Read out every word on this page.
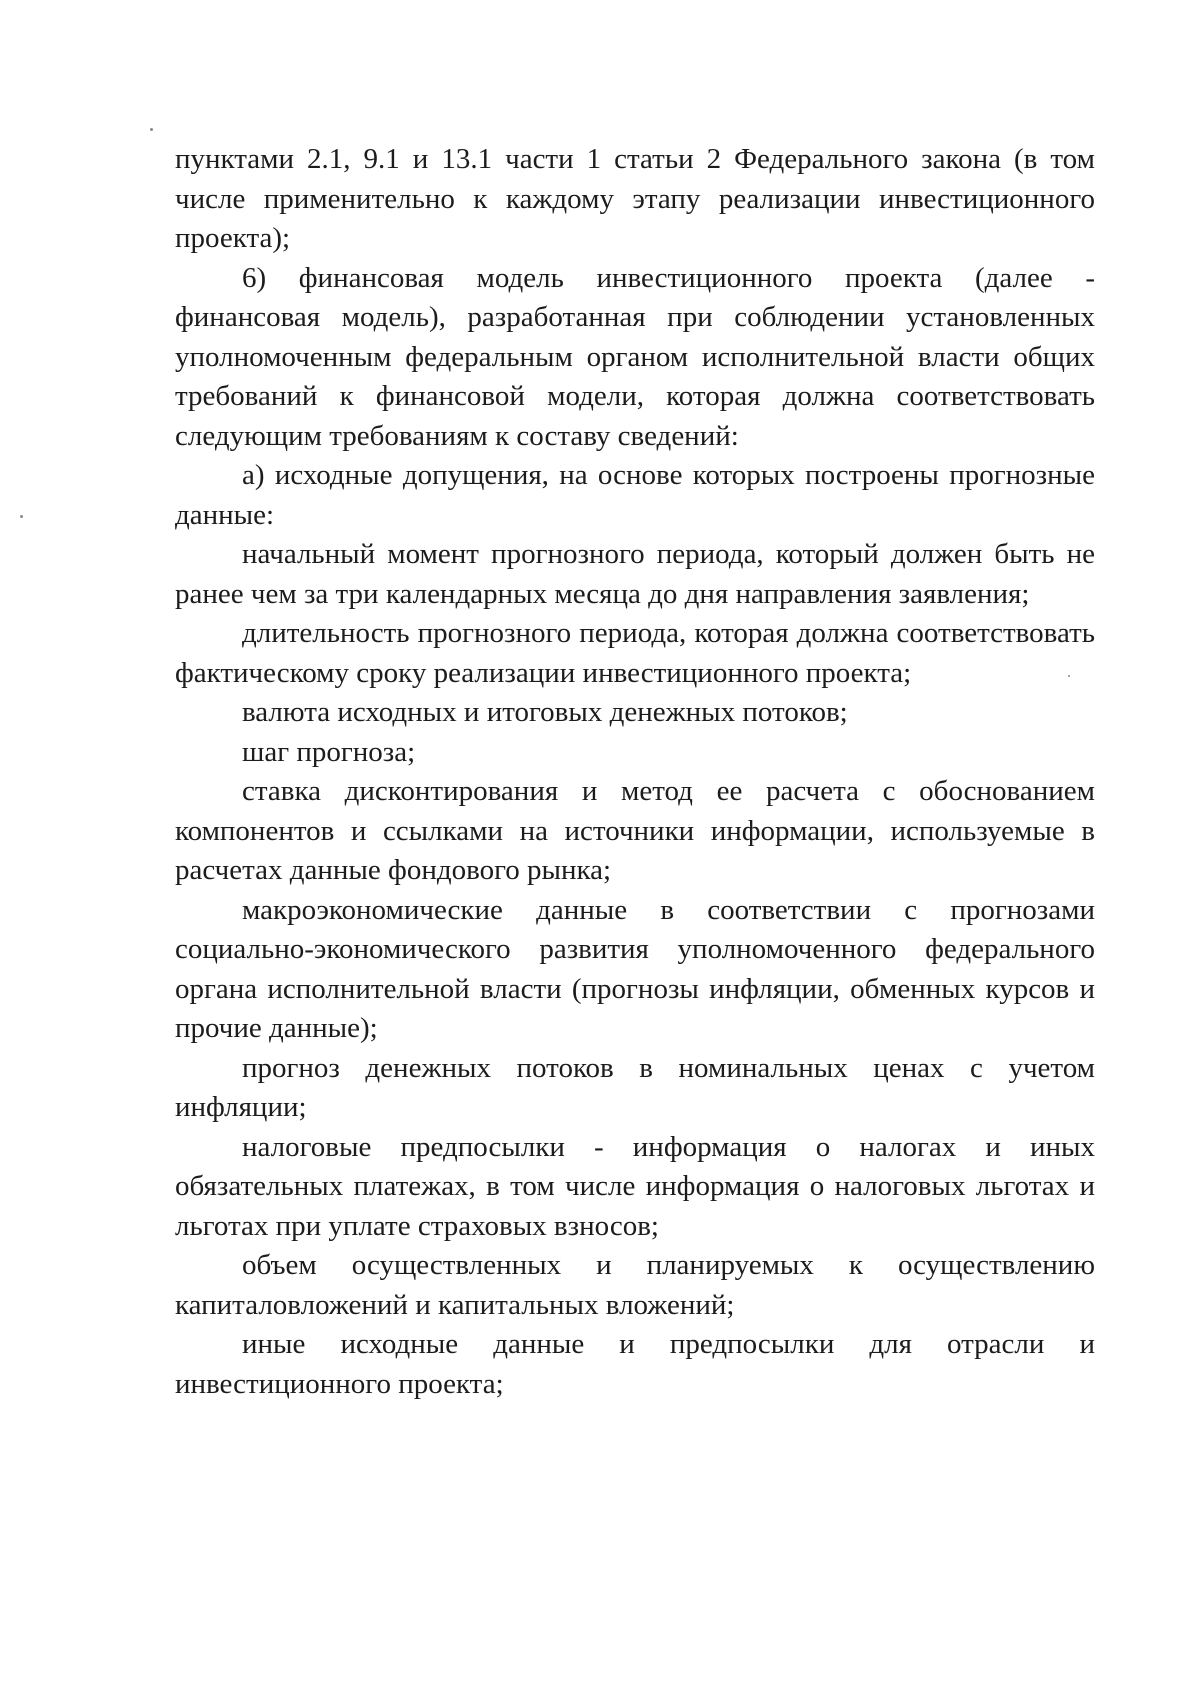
пунктами 2.1, 9.1 и 13.1 части 1 статьи 2 Федерального закона (в том числе применительно к каждому этапу реализации инвестиционного проекта);

6) финансовая модель инвестиционного проекта (далее - финансовая модель), разработанная при соблюдении установленных уполномоченным федеральным органом исполнительной власти общих требований к финансовой модели, которая должна соответствовать следующим требованиям к составу сведений:

а) исходные допущения, на основе которых построены прогнозные данные:

начальный момент прогнозного периода, который должен быть не ранее чем за три календарных месяца до дня направления заявления;

длительность прогнозного периода, которая должна соответствовать фактическому сроку реализации инвестиционного проекта;

валюта исходных и итоговых денежных потоков;

шаг прогноза;

ставка дисконтирования и метод ее расчета с обоснованием компонентов и ссылками на источники информации, используемые в расчетах данные фондового рынка;

макроэкономические данные в соответствии с прогнозами социально-экономического развития уполномоченного федерального органа исполнительной власти (прогнозы инфляции, обменных курсов и прочие данные);

прогноз денежных потоков в номинальных ценах с учетом инфляции;

налоговые предпосылки - информация о налогах и иных обязательных платежах, в том числе информация о налоговых льготах и льготах при уплате страховых взносов;

объем осуществленных и планируемых к осуществлению капиталовложений и капитальных вложений;

иные исходные данные и предпосылки для отрасли и инвестиционного проекта;
